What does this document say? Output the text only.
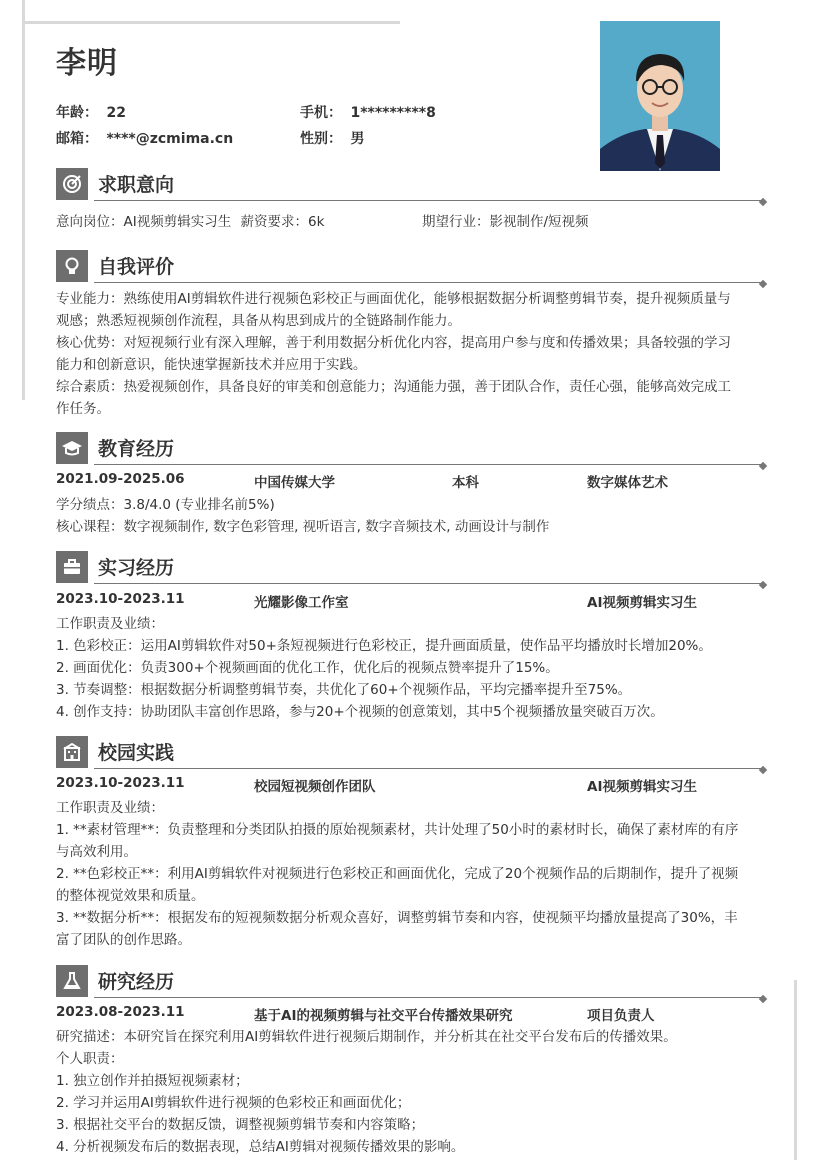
李明
年龄： 22	手机： 1*********8
邮箱： ****@zcmima.cn	性别： 男
求职意向
意向岗位：AI视频剪辑实习生 薪资要求：6k	期望行业：影视制作/短视频
自我评价
专业能力：熟练使用AI剪辑软件进行视频色彩校正与画面优化，能够根据数据分析调整剪辑节奏，提升视频质量与
观感；熟悉短视频创作流程，具备从构思到成片的全链路制作能力。
核心优势：对短视频行业有深入理解，善于利用数据分析优化内容，提高用户参与度和传播效果；具备较强的学习
能力和创新意识，能快速掌握新技术并应用于实践。
综合素质：热爱视频创作，具备良好的审美和创意能力；沟通能力强，善于团队合作，责任心强，能够高效完成工
作任务。
教育经历
2021.09-2025.06	中国传媒大学	本科	数字媒体艺术
学分绩点：3.8/4.0 (专业排名前5%)
核心课程：数字视频制作, 数字色彩管理, 视听语言, 数字音频技术, 动画设计与制作
实习经历
2023.10-2023.11	光耀影像工作室	AI视频剪辑实习生
工作职责及业绩：
1. 色彩校正：运用AI剪辑软件对50+条短视频进行色彩校正，提升画面质量，使作品平均播放时长增加20%。
2. 画面优化：负责300+个视频画面的优化工作，优化后的视频点赞率提升了15%。
3. 节奏调整：根据数据分析调整剪辑节奏，共优化了60+个视频作品，平均完播率提升至75%。
4. 创作支持：协助团队丰富创作思路，参与20+个视频的创意策划，其中5个视频播放量突破百万次。
校园实践
2023.10-2023.11	校园短视频创作团队	AI视频剪辑实习生
工作职责及业绩：
1. **素材管理**：负责整理和分类团队拍摄的原始视频素材，共计处理了50小时的素材时长，确保了素材库的有序
与高效利用。
2. **色彩校正**：利用AI剪辑软件对视频进行色彩校正和画面优化，完成了20个视频作品的后期制作，提升了视频
的整体视觉效果和质量。
3. **数据分析**：根据发布的短视频数据分析观众喜好，调整剪辑节奏和内容，使视频平均播放量提高了30%，丰
富了团队的创作思路。
研究经历
2023.08-2023.11	基于AI的视频剪辑与社交平台传播效果研究	项目负责人
研究描述：本研究旨在探究利用AI剪辑软件进行视频后期制作，并分析其在社交平台发布后的传播效果。
个人职责：
1. 独立创作并拍摄短视频素材；
2. 学习并运用AI剪辑软件进行视频的色彩校正和画面优化；
3. 根据社交平台的数据反馈，调整视频剪辑节奏和内容策略；
4. 分析视频发布后的数据表现，总结AI剪辑对视频传播效果的影响。
